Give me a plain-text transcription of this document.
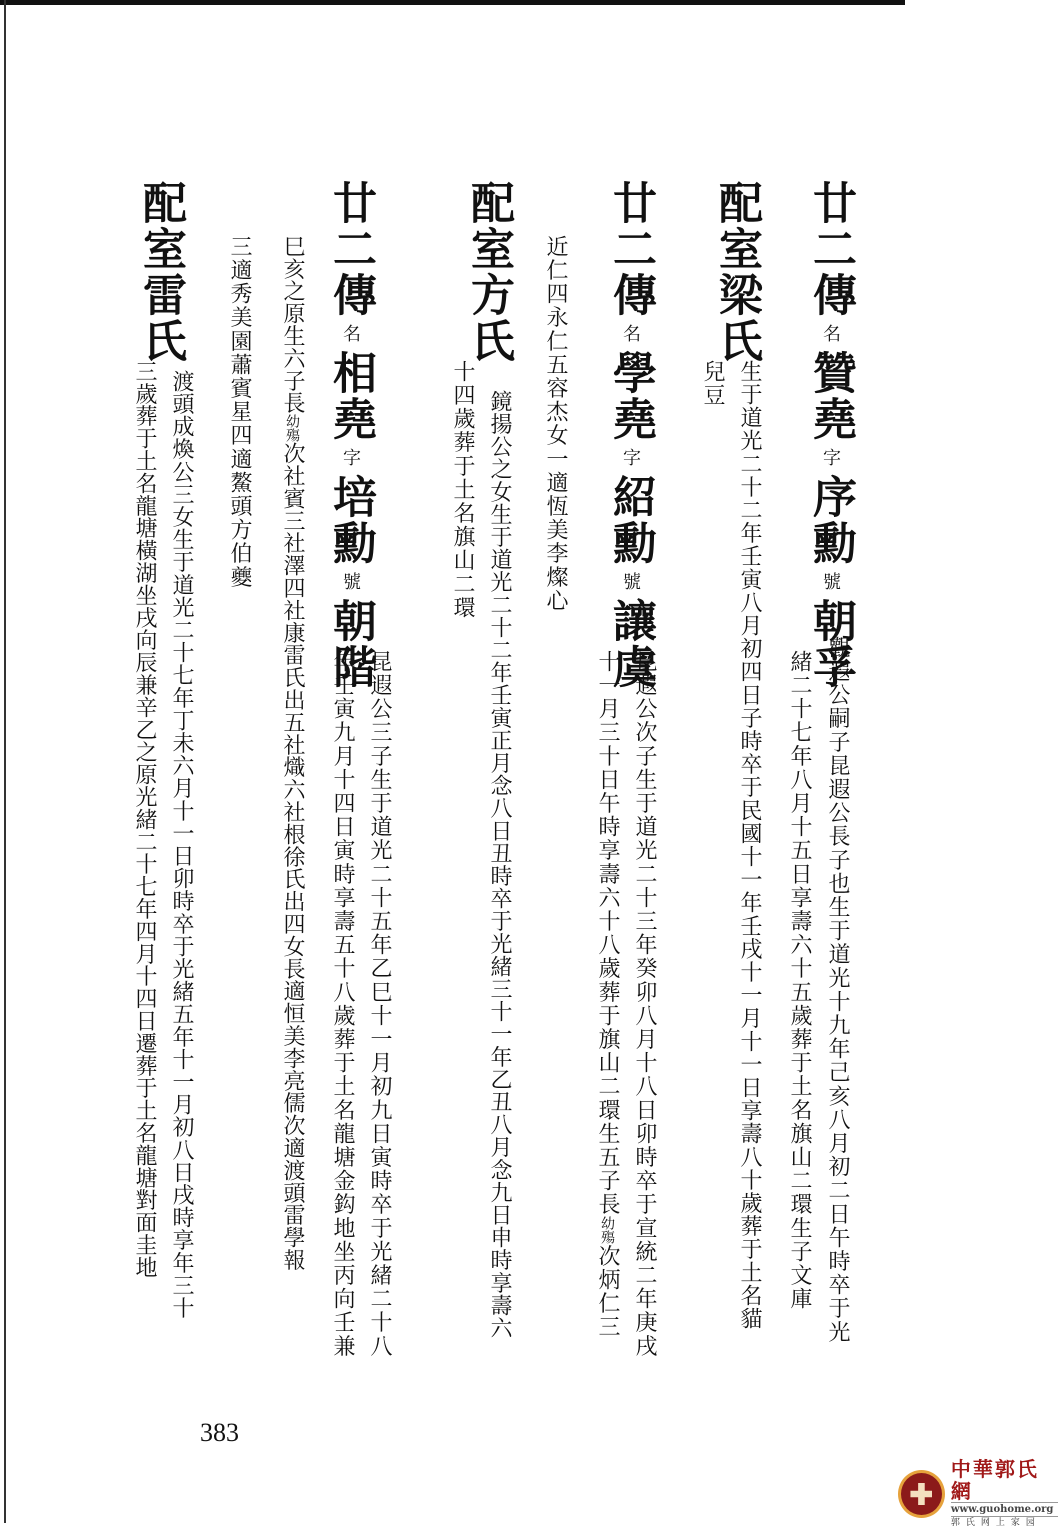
廿二傳名贊堯字序勳號朝孚
觀遐公嗣子昆遐公長子也生于道光十九年己亥八月初二日午時卒于光
緒二十七年八月十五日享壽六十五歲葬于土名旗山二環生子文庫
配室梁氏
生于道光二十二年壬寅八月初四日子時卒于民國十一年壬戌十一月十一日享壽八十歲葬于土名貓
兒豆
廿二傳名學堯字紹勳號讓虞
昆遐公次子生于道光二十三年癸卯八月十八日卯時卒于宣統二年庚戌
十一月三十日午時享壽六十八歲葬于旗山二環生五子長幼殤次炳仁三
近仁四永仁五容杰女一適恆美李燦心
配室方氏
鏡揚公之女生于道光二十二年壬寅正月念八日丑時卒于光緒三十一年乙丑八月念九日申時享壽六
十四歲葬于土名旗山二環
廿二傳名相堯字培勳號朝階
昆遐公三子生于道光二十五年乙巳十一月初九日寅時卒于光緒二十八
年壬寅九月十四日寅時享壽五十八歲葬于土名龍塘金鈎地坐丙向壬兼
巳亥之原生六子長幼殤次社賓三社澤四社康雷氏出五社熾六社根徐氏出四女長適恒美李亮儒次適渡頭雷學報
三適秀美園蕭賓星四適鰲頭方伯夔
配室雷氏
渡頭成煥公三女生于道光二十七年丁未六月十一日卯時卒于光緒五年十一月初八日戌時享年三十
三歲葬于土名龍塘橫湖坐戌向辰兼辛乙之原光緒二十七年四月十四日遷葬于土名龍塘對面圭地
383
中華郭氏網
www.guohome.org
郭氏网上家园
